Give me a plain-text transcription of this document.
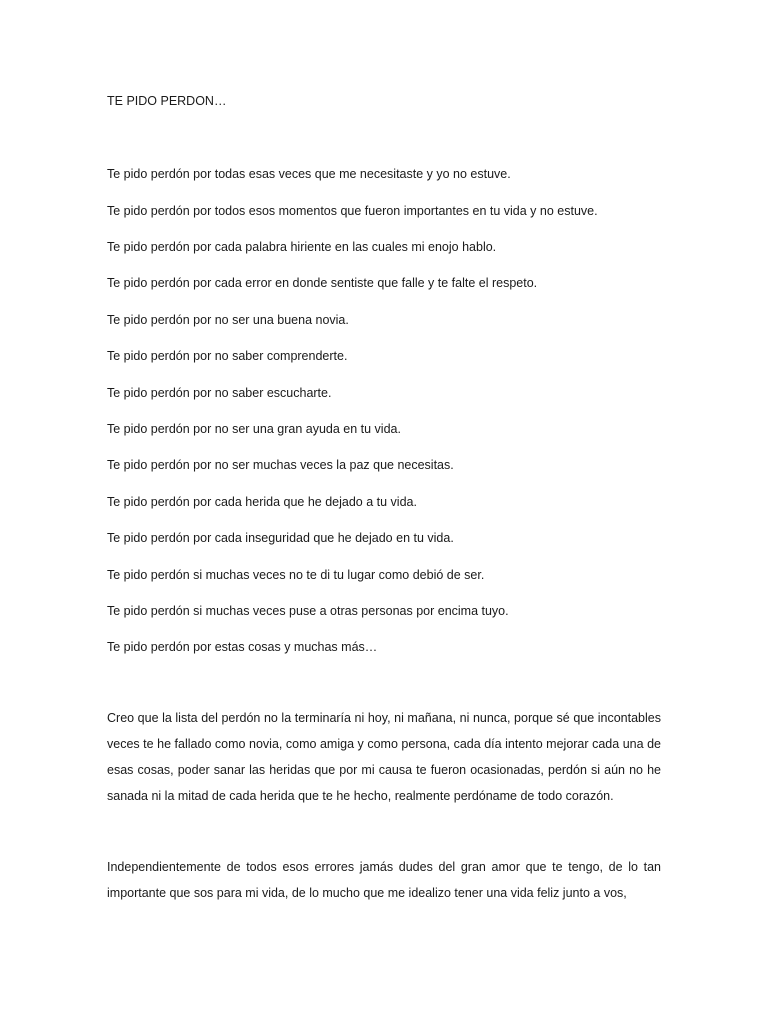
TE PIDO PERDON…

Te pido perdón por todas esas veces que me necesitaste y yo no estuve.

Te pido perdón por todos esos momentos que fueron importantes en tu vida y no estuve.

Te pido perdón por cada palabra hiriente en las cuales mi enojo hablo.

Te pido perdón por cada error en donde sentiste que falle y te falte el respeto.

Te pido perdón por no ser una buena novia.

Te pido perdón por no saber comprenderte.

Te pido perdón por no saber escucharte.

Te pido perdón por no ser una gran ayuda en tu vida.

Te pido perdón por no ser muchas veces la paz que necesitas.

Te pido perdón por cada herida que he dejado a tu vida.

Te pido perdón por cada inseguridad que he dejado en tu vida.

Te pido perdón si muchas veces no te di tu lugar como debió de ser.

Te pido perdón si muchas veces puse a otras personas por encima tuyo.

Te pido perdón por estas cosas y muchas más…

Creo que la lista del perdón no la terminaría ni hoy, ni mañana, ni nunca, porque sé que incontables veces te he fallado como novia, como amiga y como persona, cada día intento mejorar cada una de esas cosas, poder sanar las heridas que por mi causa te fueron ocasionadas, perdón si aún no he sanada ni la mitad de cada herida que te he hecho, realmente perdóname de todo corazón.

Independientemente de todos esos errores jamás dudes del gran amor que te tengo, de lo tan importante que sos para mi vida, de lo mucho que me idealizo tener una vida feliz junto a vos,
